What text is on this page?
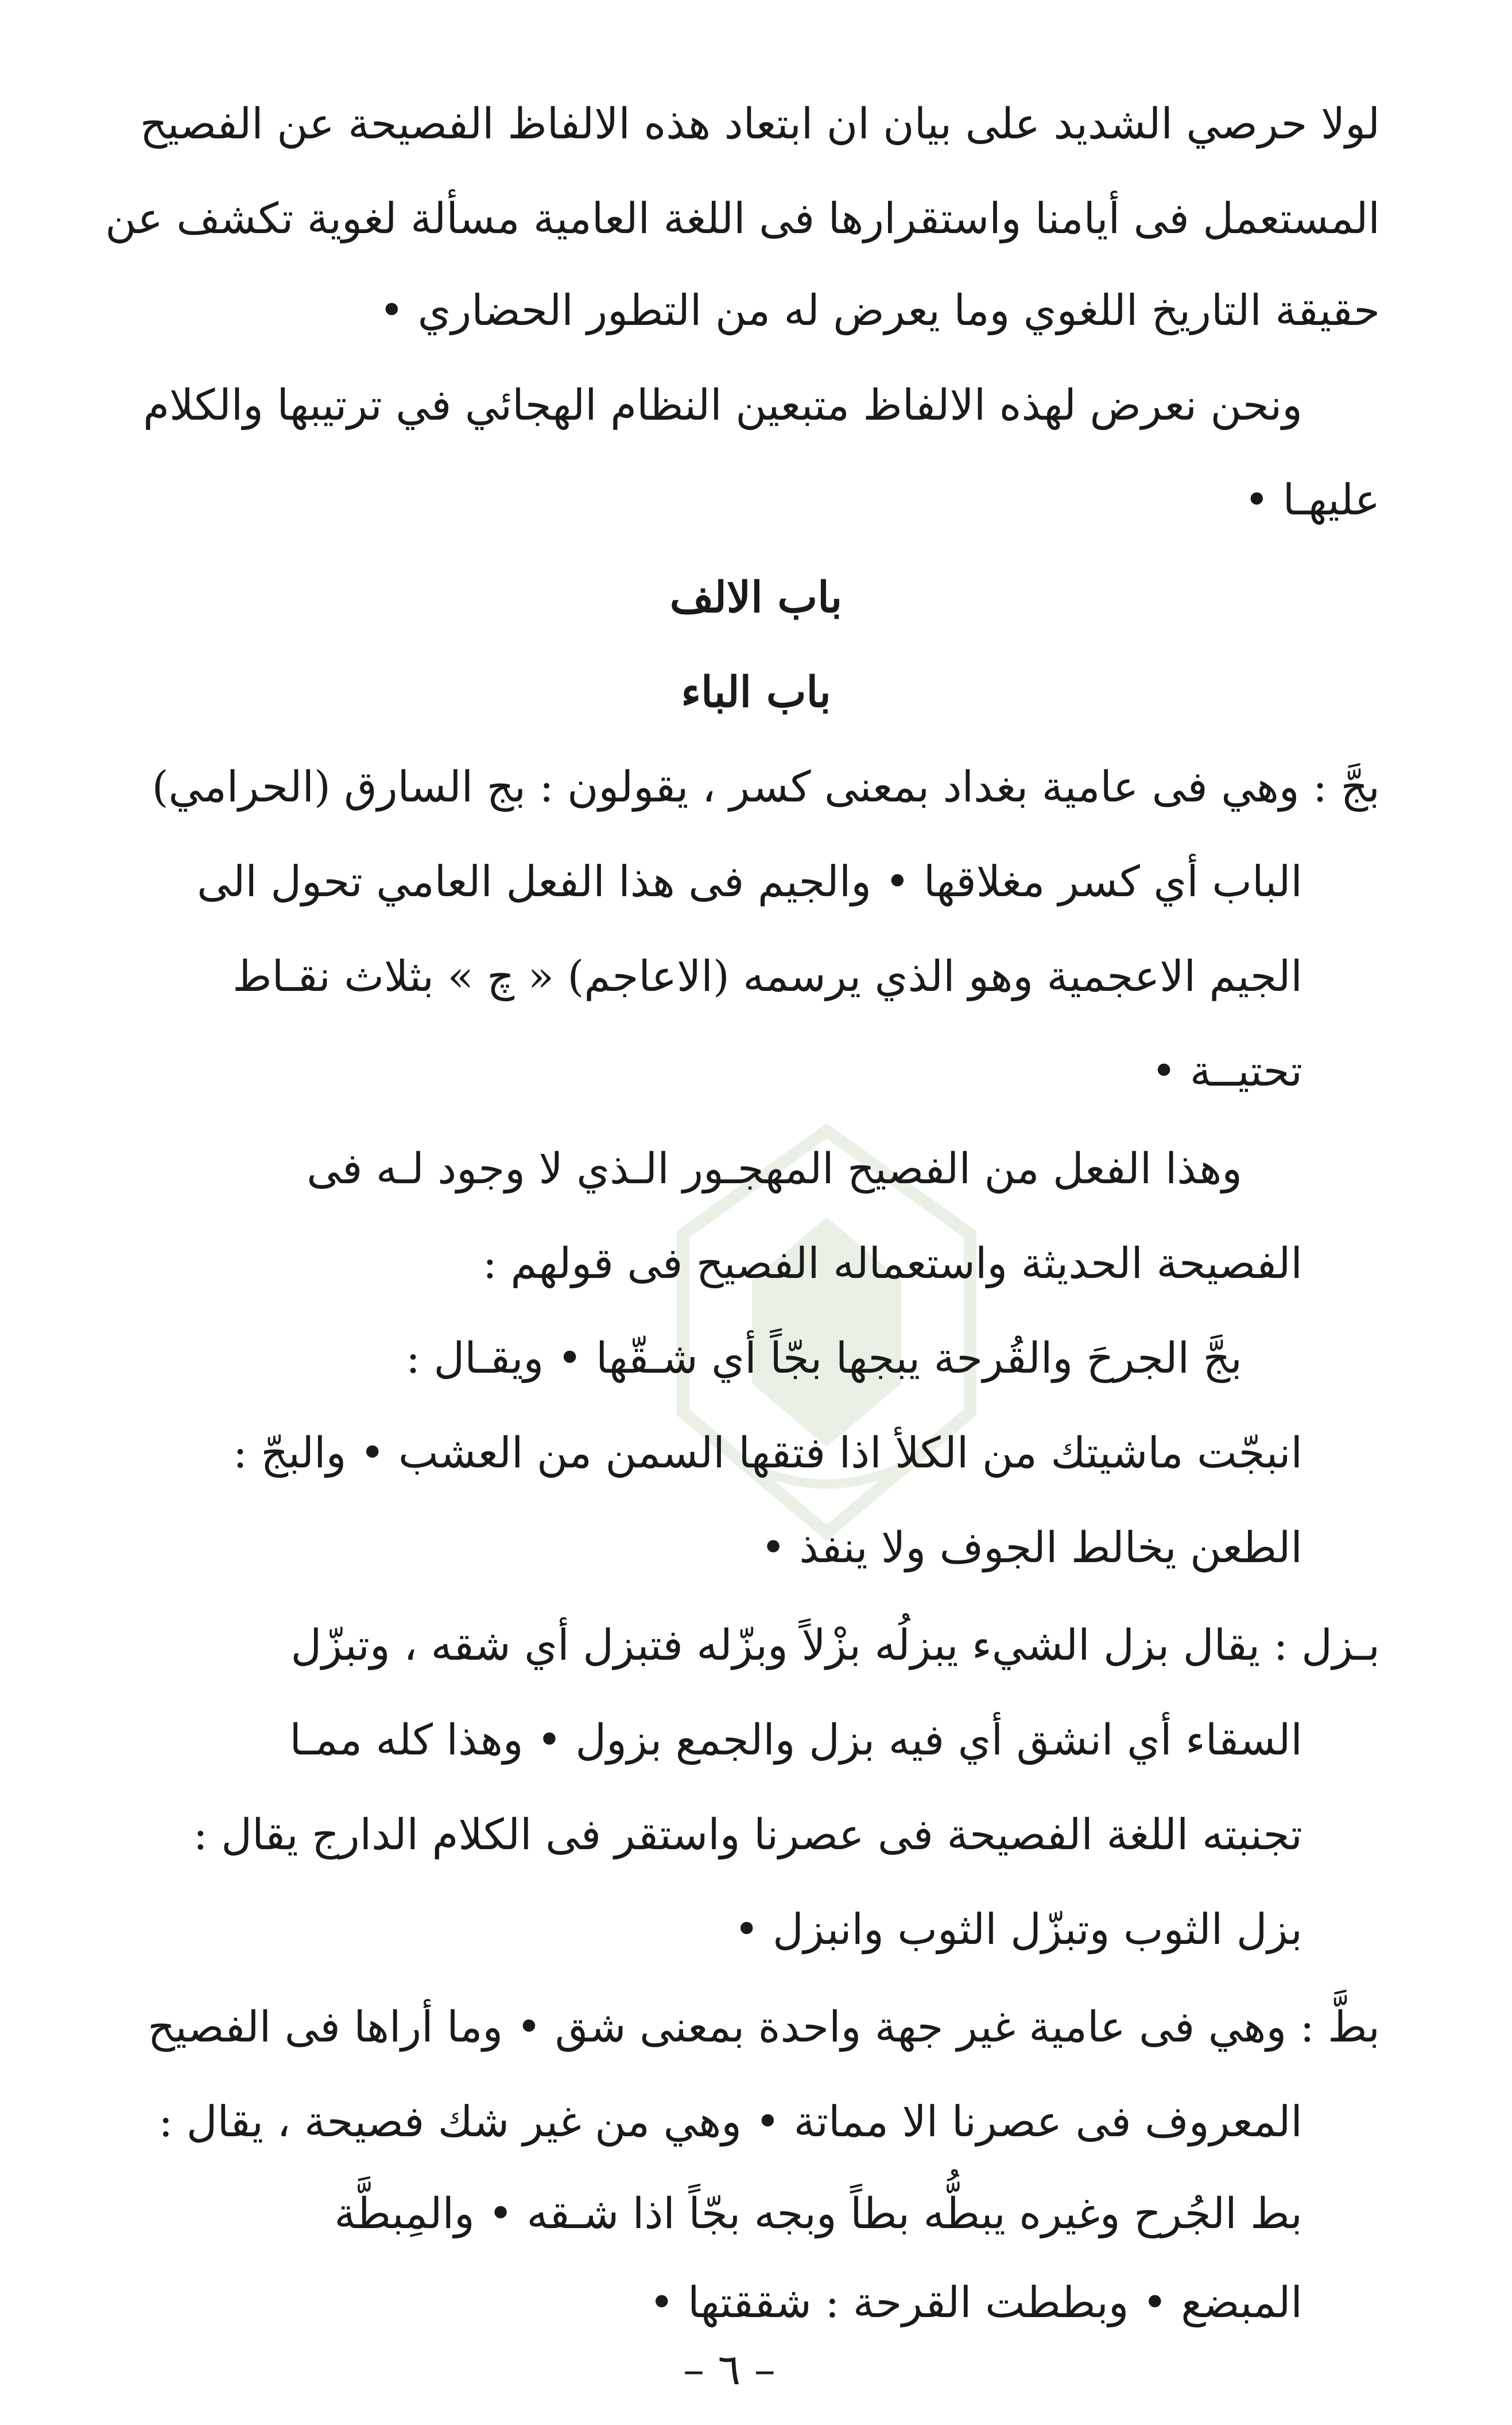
لولا حرصي الشديد على بيان ان ابتعاد هذه الالفاظ الفصيحة عن الفصيح
المستعمل فى أيامنا واستقرارها فى اللغة العامية مسألة لغوية تكشف عن
حقيقة التاريخ اللغوي وما يعرض له من التطور الحضاري •
ونحن نعرض لهذه الالفاظ متبعين النظام الهجائي في ترتيبها والكلام
عليهـا •
باب الالف
باب الباء
بجَّ : وهي فى عامية بغداد بمعنى كسر ، يقولون : بج السارق (الحرامي)
الباب أي كسر مغلاقها • والجيم فى هذا الفعل العامي تحول الى
الجيم الاعجمية وهو الذي يرسمه (الاعاجم) « چ » بثلاث نقـاط
تحتيــة •
وهذا الفعل من الفصيح المهجـور الـذي لا وجود لـه فى
الفصيحة الحديثة واستعماله الفصيح فى قولهم :
بجَّ الجرحَ والقُرحة يبجها بجّاً أي شـقّها • ويقـال :
انبجّت ماشيتك من الكلأ اذا فتقها السمن من العشب • والبجّ :
الطعن يخالط الجوف ولا ينفذ •
بـزل : يقال بزل الشيء يبزلُه بزْلاً وبزّله فتبزل أي شقه ، وتبزّل
السقاء أي انشق أي فيه بزل والجمع بزول • وهذا كله ممـا
تجنبته اللغة الفصيحة فى عصرنا واستقر فى الكلام الدارج يقال :
بزل الثوب وتبزّل الثوب وانبزل •
بطَّ : وهي فى عامية غير جهة واحدة بمعنى شق • وما أراها فى الفصيح
المعروف فى عصرنا الا مماتة • وهي من غير شك فصيحة ، يقال :
بط الجُرح وغيره يبطُّه بطاً وبجه بجّاً اذا شـقه • والمِبطَّة
المبضع • وبططت القرحة : شققتها •
– ٦ –
